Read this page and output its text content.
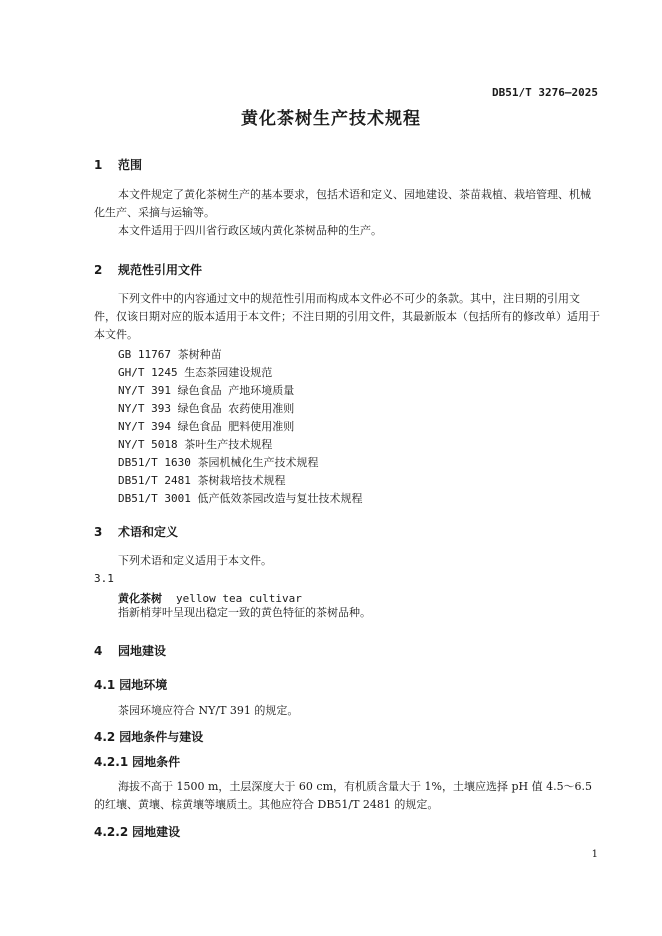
DB51/T 3276—2025
黄化茶树生产技术规程
1 范围
本文件规定了黄化茶树生产的基本要求，包括术语和定义、园地建设、茶苗栽植、栽培管理、机械化生产、采摘与运输等。
本文件适用于四川省行政区域内黄化茶树品种的生产。
2 规范性引用文件
下列文件中的内容通过文中的规范性引用而构成本文件必不可少的条款。其中，注日期的引用文件，仅该日期对应的版本适用于本文件；不注日期的引用文件，其最新版本（包括所有的修改单）适用于本文件。
GB 11767 茶树种苗
GH/T 1245 生态茶园建设规范
NY/T 391 绿色食品 产地环境质量
NY/T 393 绿色食品 农药使用准则
NY/T 394 绿色食品 肥料使用准则
NY/T 5018 茶叶生产技术规程
DB51/T 1630 茶园机械化生产技术规程
DB51/T 2481 茶树栽培技术规程
DB51/T 3001 低产低效茶园改造与复壮技术规程
3 术语和定义
下列术语和定义适用于本文件。
3.1
黄化茶树 yellow tea cultivar
指新梢芽叶呈现出稳定一致的黄色特征的茶树品种。
4 园地建设
4.1 园地环境
茶园环境应符合 NY/T 391 的规定。
4.2 园地条件与建设
4.2.1 园地条件
海拔不高于 1500 m，土层深度大于 60 cm，有机质含量大于 1%，土壤应选择 pH 值 4.5～6.5 的红壤、黄壤、棕黄壤等壤质土。其他应符合 DB51/T 2481 的规定。
4.2.2 园地建设
1
